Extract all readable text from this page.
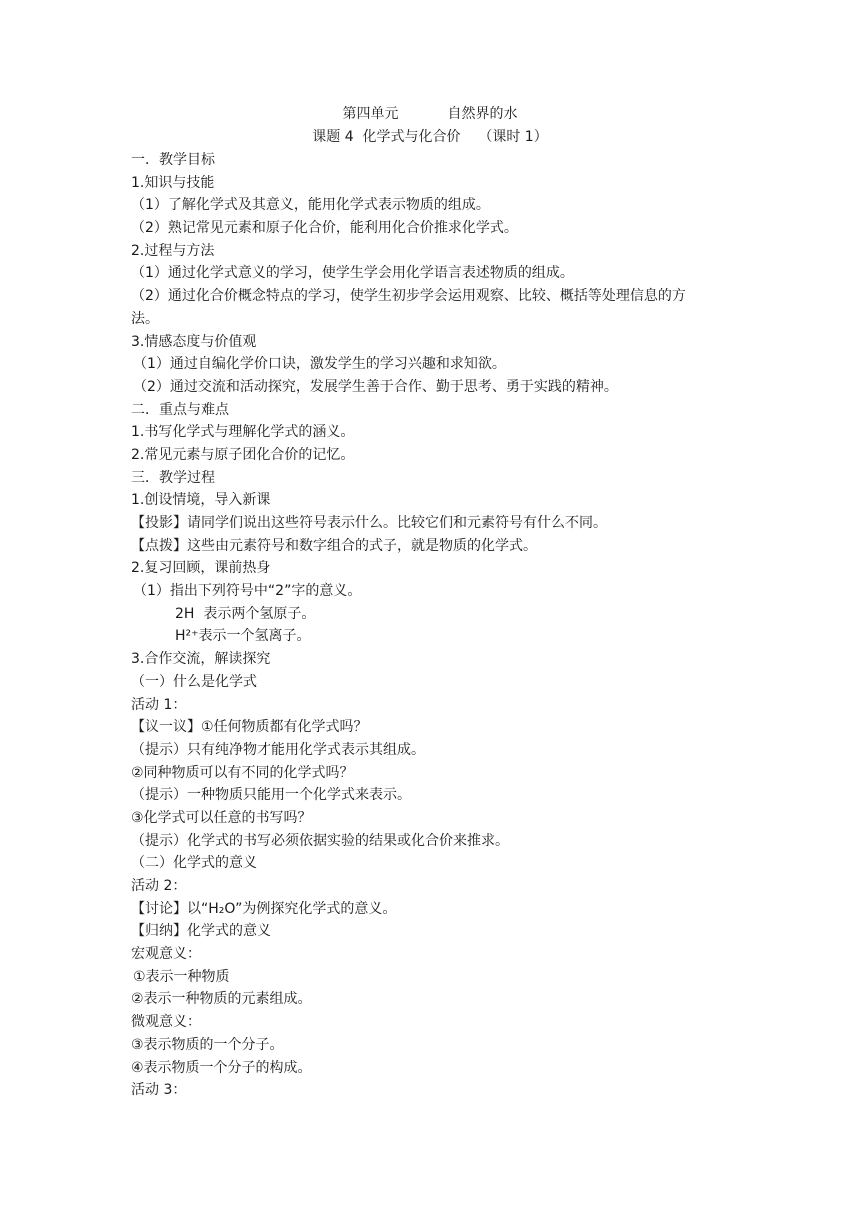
第四单元           自然界的水
课题 4  化学式与化合价    （课时 1）
一．教学目标
1.知识与技能
（1）了解化学式及其意义，能用化学式表示物质的组成。
（2）熟记常见元素和原子化合价，能利用化合价推求化学式。
2.过程与方法
（1）通过化学式意义的学习，使学生学会用化学语言表述物质的组成。
（2）通过化合价概念特点的学习，使学生初步学会运用观察、比较、概括等处理信息的方
法。
3.情感态度与价值观
（1）通过自编化学价口诀，激发学生的学习兴趣和求知欲。
（2）通过交流和活动探究，发展学生善于合作、勤于思考、勇于实践的精神。
二．重点与难点
1.书写化学式与理解化学式的涵义。
2.常见元素与原子团化合价的记忆。
三．教学过程
1.创设情境，导入新课
【投影】请同学们说出这些符号表示什么。比较它们和元素符号有什么不同。
【点拨】这些由元素符号和数字组合的式子，就是物质的化学式。
2.复习回顾，课前热身
（1）指出下列符号中“2”字的意义。
2H  表示两个氢原子。
H²⁺表示一个氢离子。
3.合作交流，解读探究
（一）什么是化学式
活动 1：
【议一议】①任何物质都有化学式吗？
（提示）只有纯净物才能用化学式表示其组成。
②同种物质可以有不同的化学式吗？
（提示）一种物质只能用一个化学式来表示。
③化学式可以任意的书写吗？
（提示）化学式的书写必须依据实验的结果或化合价来推求。
（二）化学式的意义
活动 2：
【讨论】以“H₂O”为例探究化学式的意义。
【归纳】化学式的意义
宏观意义：
①表示一种物质
②表示一种物质的元素组成。
微观意义：
③表示物质的一个分子。
④表示物质一个分子的构成。
活动 3：
